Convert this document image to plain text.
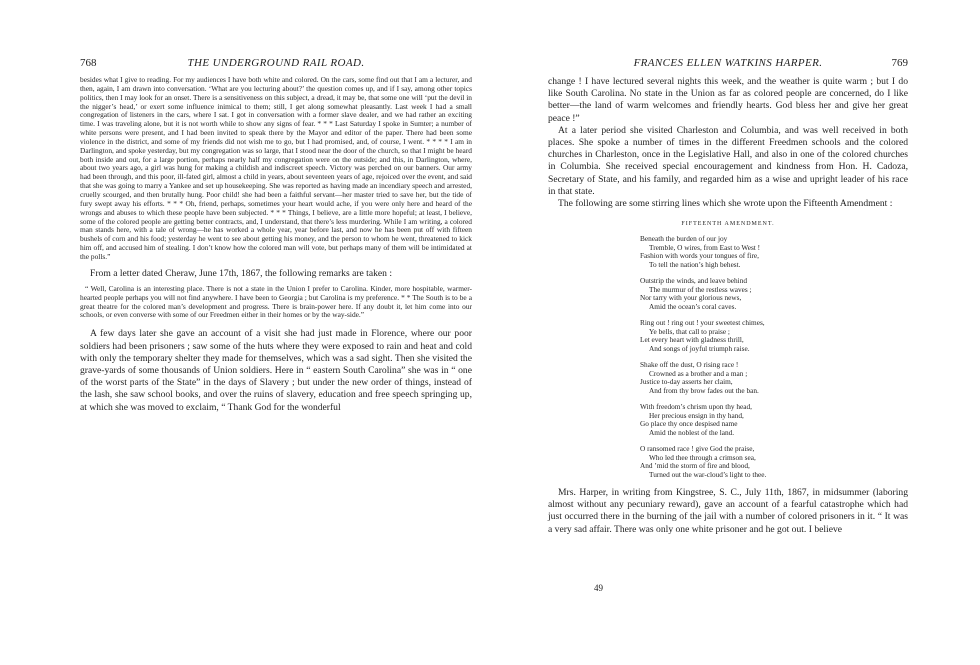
768	THE UNDERGROUND RAIL ROAD.

besides what I give to reading. For my audiences I have both white and colored. On the cars, some find out that I am a lecturer, and then, again, I am drawn into conversation. ‘What are you lecturing about?’ the question comes up, and if I say, among other topics politics, then I may look for an onset. There is a sensitiveness on this subject, a dread, it may be, that some one will ‘put the devil in the nigger’s head,’ or exert some influence inimical to them; still, I get along somewhat pleasantly. Last week I had a small congregation of listeners in the cars, where I sat. I got in conversation with a former slave dealer, and we had rather an exciting time. I was traveling alone, but it is not worth while to show any signs of fear. * * * Last Saturday I spoke in Sumter; a number of white persons were present, and I had been invited to speak there by the Mayor and editor of the paper. There had been some violence in the district, and some of my friends did not wish me to go, but I had promised, and, of course, I went. * * * * I am in Darlington, and spoke yesterday, but my congregation was so large, that I stood near the door of the church, so that I might be heard both inside and out, for a large portion, perhaps nearly half my congregation were on the outside; and this, in Darlington, where, about two years ago, a girl was hung for making a childish and indiscreet speech. Victory was perched on our banners. Our army had been through, and this poor, ill-fated girl, almost a child in years, about seventeen years of age, rejoiced over the event, and said that she was going to marry a Yankee and set up housekeeping. She was reported as having made an incendiary speech and arrested, cruelly scourged, and then brutally hung. Poor child! she had been a faithful servant—her master tried to save her, but the tide of fury swept away his efforts. * * * Oh, friend, perhaps, sometimes your heart would ache, if you were only here and heard of the wrongs and abuses to which these people have been subjected. * * * Things, I believe, are a little more hopeful; at least, I believe, some of the colored people are getting better contracts, and, I understand, that there’s less murdering. While I am writing, a colored man stands here, with a tale of wrong—he has worked a whole year, year before last, and now he has been put off with fifteen bushels of corn and his food; yesterday he went to see about getting his money, and the person to whom he went, threatened to kick him off, and accused him of stealing. I don’t know how the colored man will vote, but perhaps many of them will be intimidated at the polls.”

From a letter dated Cheraw, June 17th, 1867, the following remarks are taken :

“ Well, Carolina is an interesting place. There is not a state in the Union I prefer to Carolina. Kinder, more hospitable, warmer-hearted people perhaps you will not find anywhere. I have been to Georgia ; but Carolina is my preference. * * The South is to be a great theatre for the colored man’s development and progress. There is brain-power here. If any doubt it, let him come into our schools, or even converse with some of our Freedmen either in their homes or by the way-side.”

A few days later she gave an account of a visit she had just made in Florence, where our poor soldiers had been prisoners ; saw some of the huts where they were exposed to rain and heat and cold with only the temporary shelter they made for themselves, which was a sad sight. Then she visited the grave-yards of some thousands of Union soldiers. Here in “ eastern South Carolina” she was in “ one of the worst parts of the State” in the days of Slavery ; but under the new order of things, instead of the lash, she saw school books, and over the ruins of slavery, education and free speech springing up, at which she was moved to exclaim, “ Thank God for the wonderful

FRANCES ELLEN WATKINS HARPER.	769

change ! I have lectured several nights this week, and the weather is quite warm ; but I do like South Carolina. No state in the Union as far as colored people are concerned, do I like better—the land of warm welcomes and friendly hearts. God bless her and give her great peace !”

At a later period she visited Charleston and Columbia, and was well received in both places. She spoke a number of times in the different Freedmen schools and the colored churches in Charleston, once in the Legislative Hall, and also in one of the colored churches in Columbia. She received special encouragement and kindness from Hon. H. Cadoza, Secretary of State, and his family, and regarded him as a wise and upright leader of his race in that state.

The following are some stirring lines which she wrote upon the Fifteenth Amendment :

FIFTEENTH AMENDMENT.
Beneath the burden of our joy
Tremble, O wires, from East to West !
Fashion with words your tongues of fire,
To tell the nation’s high behest.
Outstrip the winds, and leave behind
The murmur of the restless waves ;
Nor tarry with your glorious news,
Amid the ocean’s coral caves.
Ring out ! ring out ! your sweetest chimes,
Ye bells, that call to praise ;
Let every heart with gladness thrill,
And songs of joyful triumph raise.
Shake off the dust, O rising race !
Crowned as a brother and a man ;
Justice to-day asserts her claim,
And from thy brow fades out the ban.
With freedom’s chrism upon thy head,
Her precious ensign in thy hand,
Go place thy once despised name
Amid the noblest of the land.
O ransomed race ! give God the praise,
Who led thee through a crimson sea,
And ’mid the storm of fire and blood,
Turned out the war-cloud’s light to thee.

Mrs. Harper, in writing from Kingstree, S. C., July 11th, 1867, in midsummer (laboring almost without any pecuniary reward), gave an account of a fearful catastrophe which had just occurred there in the burning of the jail with a number of colored prisoners in it. “ It was a very sad affair. There was only one white prisoner and he got out. I believe

49
